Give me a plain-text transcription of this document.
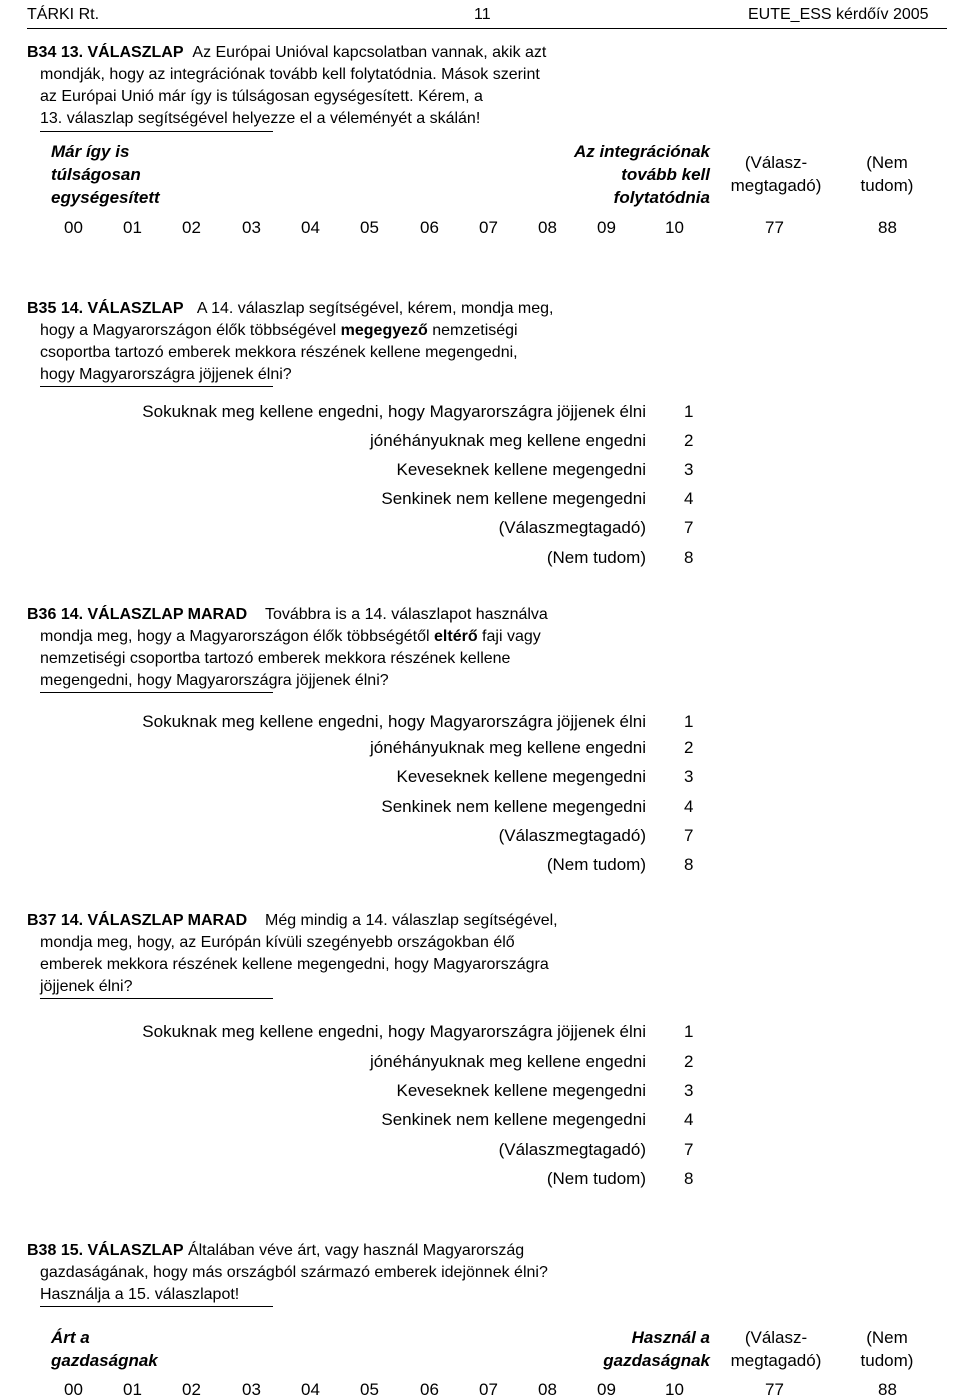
TÁRKI Rt.	11	EUTE_ESS kérdőív 2005
B34 13. VÁLASZLAP Az Európai Unióval kapcsolatban vannak, akik azt
mondják, hogy az integrációnak tovább kell folytatódnia. Mások szerint
az Európai Unió már így is túlságosan egységesített. Kérem, a
13. válaszlap segítségével helyezze el a véleményét a skálán!
Már így is
túlságosan
egységesített
Az integrációnak
tovább kell
folytatódnia
(Válasz-
megtagadó)
(Nem
tudom)
00 01 02 03 04 05 06 07 08 09	10	77	88
B35 14. VÁLASZLAP A 14. válaszlap segítségével, kérem, mondja meg,
hogy a Magyarországon élők többségével megegyező nemzetiségi
csoportba tartozó emberek mekkora részének kellene megengedni,
hogy Magyarországra jöjjenek élni?
Sokuknak meg kellene engedni, hogy Magyarországra jöjjenek élni 1
jónéhányuknak meg kellene engedni 2
Keveseknek kellene megengedni 3
Senkinek nem kellene megengedni 4
(Válaszmegtagadó) 7
(Nem tudom) 8
B36 14. VÁLASZLAP MARAD Továbbra is a 14. válaszlapot használva
mondja meg, hogy a Magyarországon élők többségétől eltérő faji vagy
nemzetiségi csoportba tartozó emberek mekkora részének kellene
megengedni, hogy Magyarországra jöjjenek élni?
Sokuknak meg kellene engedni, hogy Magyarországra jöjjenek élni 1
jónéhányuknak meg kellene engedni 2
Keveseknek kellene megengedni 3
Senkinek nem kellene megengedni 4
(Válaszmegtagadó) 7
(Nem tudom) 8
B37 14. VÁLASZLAP MARAD Még mindig a 14. válaszlap segítségével,
mondja meg, hogy, az Európán kívüli szegényebb országokban élő
emberek mekkora részének kellene megengedni, hogy Magyarországra
jöjjenek élni?
Sokuknak meg kellene engedni, hogy Magyarországra jöjjenek élni 1
jónéhányuknak meg kellene engedni 2
Keveseknek kellene megengedni 3
Senkinek nem kellene megengedni 4
(Válaszmegtagadó) 7
(Nem tudom) 8
B38 15. VÁLASZLAP Általában véve árt, vagy használ Magyarország
gazdaságának, hogy más országból származó emberek idejönnek élni?
Használja a 15. válaszlapot!
Árt a
gazdaságnak
Használ a
gazdaságnak
(Válasz-
megtagadó)
(Nem
tudom)
00 01 02 03 04 05 06 07 08 09	10	77	88
